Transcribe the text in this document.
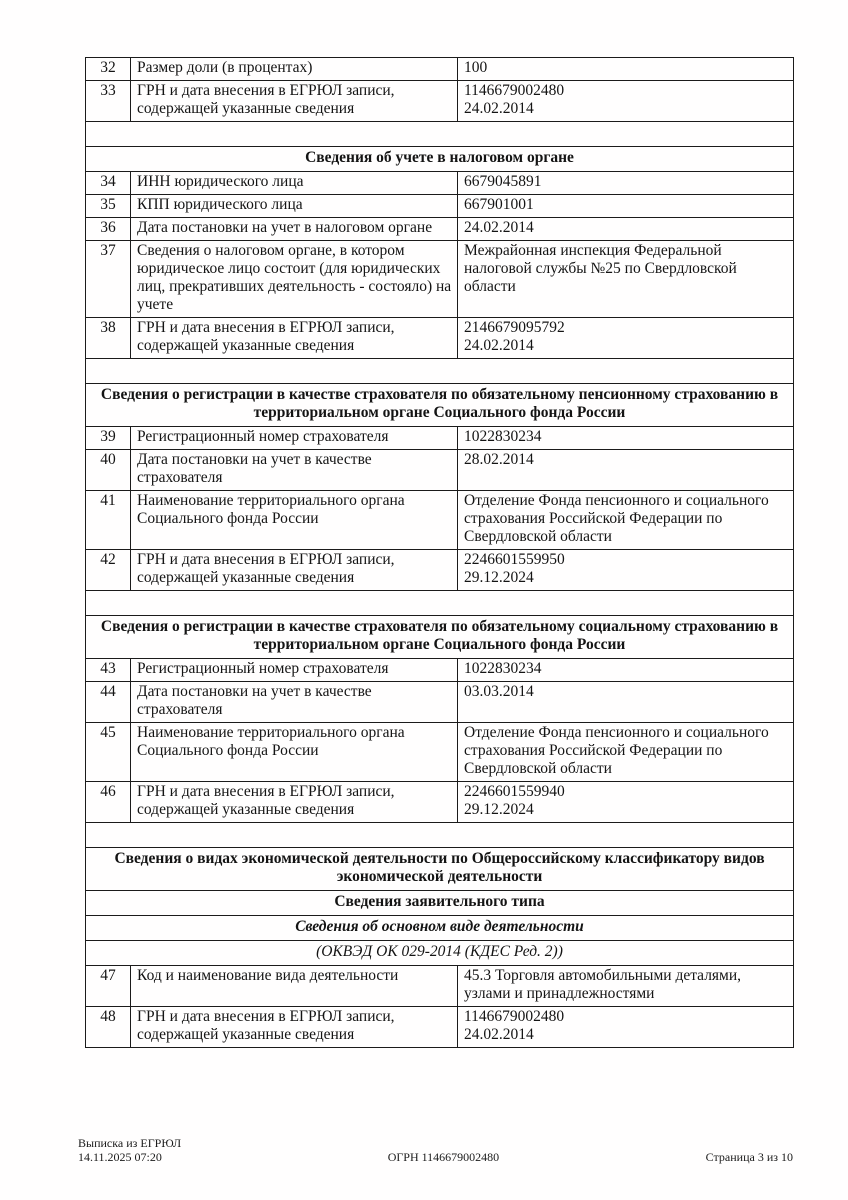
32	Размер доли (в процентах)	100

33	ГРН и дата внесения в ЕГРЮЛ записи, содержащей указанные сведения	1146679002480
24.02.2014

Сведения об учете в налоговом органе		
34	ИНН юридического лица	6679045891

35	КПП юридического лица	667901001

36	Дата постановки на учет в налоговом органе	24.02.2014

37	Сведения о налоговом органе, в котором юридическое лицо состоит (для юридических лиц, прекративших деятельность - состояло) на учете	Межрайонная инспекция Федеральной налоговой службы №25 по Свердловской области

38	ГРН и дата внесения в ЕГРЮЛ записи, содержащей указанные сведения	2146679095792
24.02.2014

Сведения о регистрации в качестве страхователя по обязательному пенсионному страхованию в территориальном органе Социального фонда России		
39	Регистрационный номер страхователя	1022830234

40	Дата постановки на учет в качестве страхователя	28.02.2014

41	Наименование территориального органа Социального фонда России	Отделение Фонда пенсионного и социального страхования Российской Федерации по Свердловской области

42	ГРН и дата внесения в ЕГРЮЛ записи, содержащей указанные сведения	2246601559950
29.12.2024

Сведения о регистрации в качестве страхователя по обязательному социальному страхованию в территориальном органе Социального фонда России		
43	Регистрационный номер страхователя	1022830234

44	Дата постановки на учет в качестве страхователя	03.03.2014

45	Наименование территориального органа Социального фонда России	Отделение Фонда пенсионного и социального страхования Российской Федерации по Свердловской области

46	ГРН и дата внесения в ЕГРЮЛ записи, содержащей указанные сведения	2246601559940
29.12.2024

Сведения о видах экономической деятельности по Общероссийскому классификатору видов экономической деятельности		
Сведения заявительного типа		
Сведения об основном виде деятельности		
(ОКВЭД ОК 029-2014 (КДЕС Ред. 2))		
47	Код и наименование вида деятельности	45.3 Торговля автомобильными деталями, узлами и принадлежностями

48	ГРН и дата внесения в ЕГРЮЛ записи, содержащей указанные сведения	1146679002480
24.02.2014
Выписка из ЕГРЮЛ
14.11.2025 07:20	ОГРН 1146679002480	Страница 3 из 10
